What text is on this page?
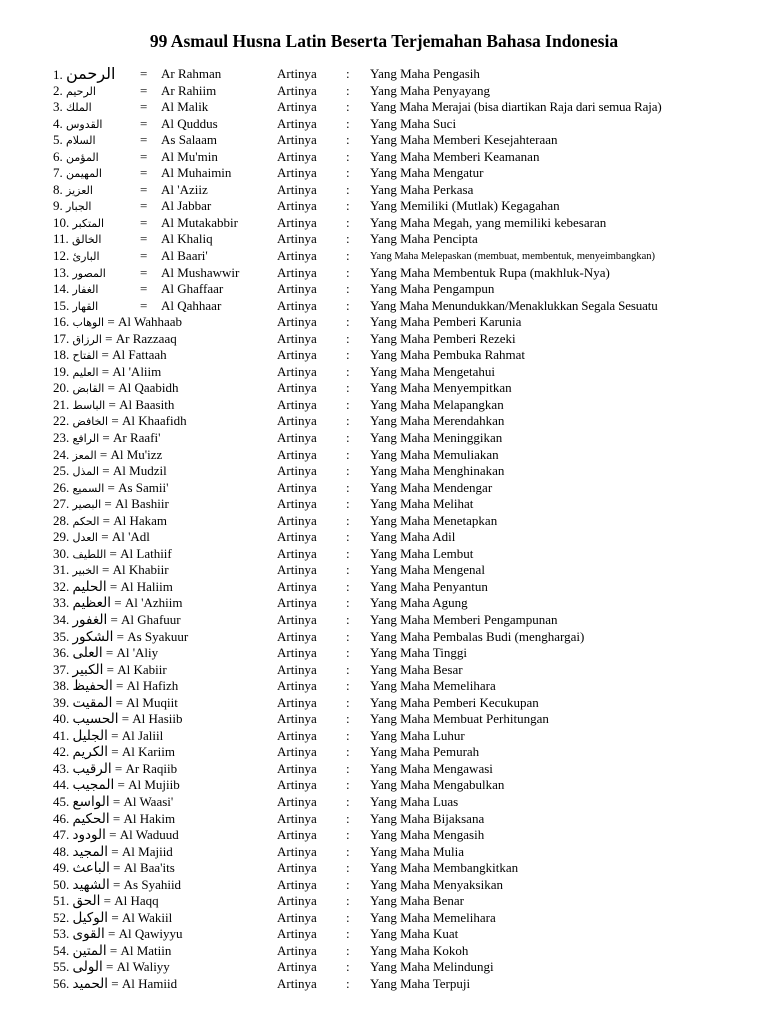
99 Asmaul Husna Latin Beserta Terjemahan Bahasa Indonesia
1. الرحمن = Ar Rahman	Artinya : Yang Maha Pengasih
2. الرحيم	= Ar Rahiim	Artinya : Yang Maha Penyayang
3. الملك	= Al Malik	Artinya : Yang Maha Merajai (bisa diartikan Raja dari semua Raja)
4. القدوس	= Al Quddus	Artinya : Yang Maha Suci
5. السلام	= As Salaam	Artinya : Yang Maha Memberi Kesejahteraan
6. المؤمن	= Al Mu'min	Artinya : Yang Maha Memberi Keamanan
7. المهيمن	= Al Muhaimin	Artinya : Yang Maha Mengatur
8. العزيز	= Al 'Aziiz	Artinya : Yang Maha Perkasa
9. الجبار	= Al Jabbar	Artinya : Yang Memiliki (Mutlak) Kegagahan
10. المتكبر	= Al Mutakabbir	Artinya : Yang Maha Megah, yang memiliki kebesaran
11. الخالق	= Al Khaliq	Artinya : Yang Maha Pencipta
12. البارئ	= Al Baari'	Artinya : Yang Maha Melepaskan (membuat, membentuk, menyeimbangkan)
13. المصور	= Al Mushawwir	Artinya : Yang Maha Membentuk Rupa (makhluk-Nya)
14. الغفار	= Al Ghaffaar	Artinya : Yang Maha Pengampun
15. القهار	= Al Qahhaar	Artinya : Yang Maha Menundukkan/Menaklukkan Segala Sesuatu
16. الوهاب = Al Wahhaab	Artinya : Yang Maha Pemberi Karunia
17. الرزاق = Ar Razzaaq	Artinya : Yang Maha Pemberi Rezeki
18. الفتاح = Al Fattaah	Artinya : Yang Maha Pembuka Rahmat
19. العليم = Al 'Aliim	Artinya : Yang Maha Mengetahui
20. القابض = Al Qaabidh	Artinya : Yang Maha Menyempitkan
21. الباسط = Al Baasith	Artinya : Yang Maha Melapangkan
22. الخافض = Al Khaafidh	Artinya : Yang Maha Merendahkan
23. الرافع = Ar Raafi'	Artinya : Yang Maha Meninggikan
24. المعز = Al Mu'izz	Artinya : Yang Maha Memuliakan
25. المذل = Al Mudzil	Artinya : Yang Maha Menghinakan
26. السميع = As Samii'	Artinya : Yang Maha Mendengar
27. البصير = Al Bashiir	Artinya : Yang Maha Melihat
28. الحكم = Al Hakam	Artinya : Yang Maha Menetapkan
29. العدل = Al 'Adl	Artinya : Yang Maha Adil
30. اللطيف = Al Lathiif	Artinya : Yang Maha Lembut
31. الخبير = Al Khabiir	Artinya : Yang Maha Mengenal
32. الحليم = Al Haliim	Artinya : Yang Maha Penyantun
33. العظيم = Al 'Azhiim	Artinya : Yang Maha Agung
34. الغفور = Al Ghafuur	Artinya : Yang Maha Memberi Pengampunan
35. الشكور = As Syakuur	Artinya : Yang Maha Pembalas Budi (menghargai)
36. العلى = Al 'Aliy	Artinya : Yang Maha Tinggi
37. الكبير = Al Kabiir	Artinya : Yang Maha Besar
38. الحفيظ = Al Hafizh	Artinya : Yang Maha Memelihara
39. المقيت = Al Muqiit	Artinya : Yang Maha Pemberi Kecukupan
40. الحسيب = Al Hasiib	Artinya : Yang Maha Membuat Perhitungan
41. الجليل = Al Jaliil	Artinya : Yang Maha Luhur
42. الكريم = Al Kariim	Artinya : Yang Maha Pemurah
43. الرقيب = Ar Raqiib	Artinya : Yang Maha Mengawasi
44. المجيب = Al Mujiib	Artinya : Yang Maha Mengabulkan
45. الواسع = Al Waasi'	Artinya : Yang Maha Luas
46. الحكيم = Al Hakim	Artinya : Yang Maha Bijaksana
47. الودود = Al Waduud	Artinya : Yang Maha Mengasih
48. المجيد = Al Majiid	Artinya : Yang Maha Mulia
49. الباعث = Al Baa'its	Artinya : Yang Maha Membangkitkan
50. الشهيد = As Syahiid	Artinya : Yang Maha Menyaksikan
51. الحق = Al Haqq	Artinya : Yang Maha Benar
52. الوكيل = Al Wakiil	Artinya : Yang Maha Memelihara
53. القوى = Al Qawiyyu	Artinya : Yang Maha Kuat
54. المتين = Al Matiin	Artinya : Yang Maha Kokoh
55. الولى = Al Waliyy	Artinya : Yang Maha Melindungi
56. الحميد = Al Hamiid	Artinya : Yang Maha Terpuji
